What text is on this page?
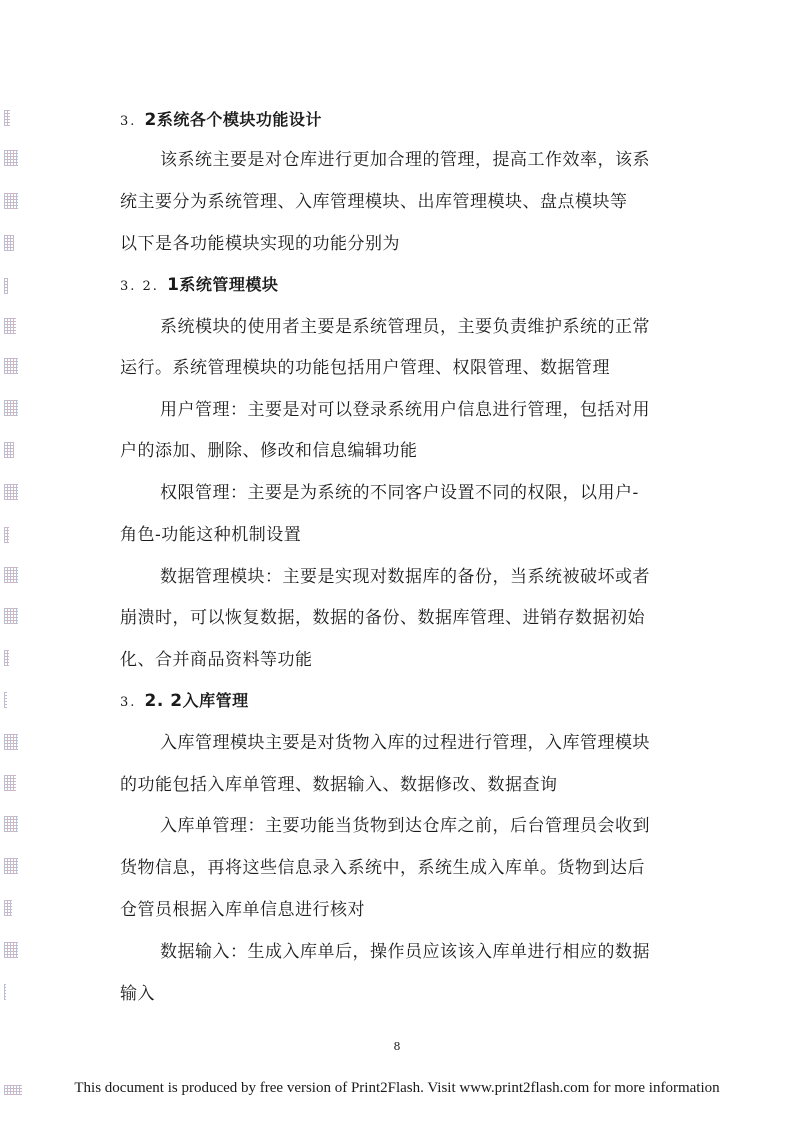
3. 2系统各个模块功能设计
该系统主要是对仓库进行更加合理的管理，提高工作效率，该系
统主要分为系统管理、入库管理模块、出库管理模块、盘点模块等
以下是各功能模块实现的功能分别为
3. 2. 1系统管理模块
系统模块的使用者主要是系统管理员，主要负责维护系统的正常
运行。系统管理模块的功能包括用户管理、权限管理、数据管理
用户管理：主要是对可以登录系统用户信息进行管理，包括对用
户的添加、删除、修改和信息编辑功能
权限管理：主要是为系统的不同客户设置不同的权限，以用户-
角色-功能这种机制设置
数据管理模块：主要是实现对数据库的备份，当系统被破坏或者
崩溃时，可以恢复数据，数据的备份、数据库管理、进销存数据初始
化、合并商品资料等功能
3. 2. 2入库管理
入库管理模块主要是对货物入库的过程进行管理，入库管理模块
的功能包括入库单管理、数据输入、数据修改、数据查询
入库单管理：主要功能当货物到达仓库之前，后台管理员会收到
货物信息，再将这些信息录入系统中，系统生成入库单。货物到达后
仓管员根据入库单信息进行核对
数据输入：生成入库单后，操作员应该该入库单进行相应的数据
输入
8
This document is produced by free version of Print2Flash. Visit www.print2flash.com for more information
